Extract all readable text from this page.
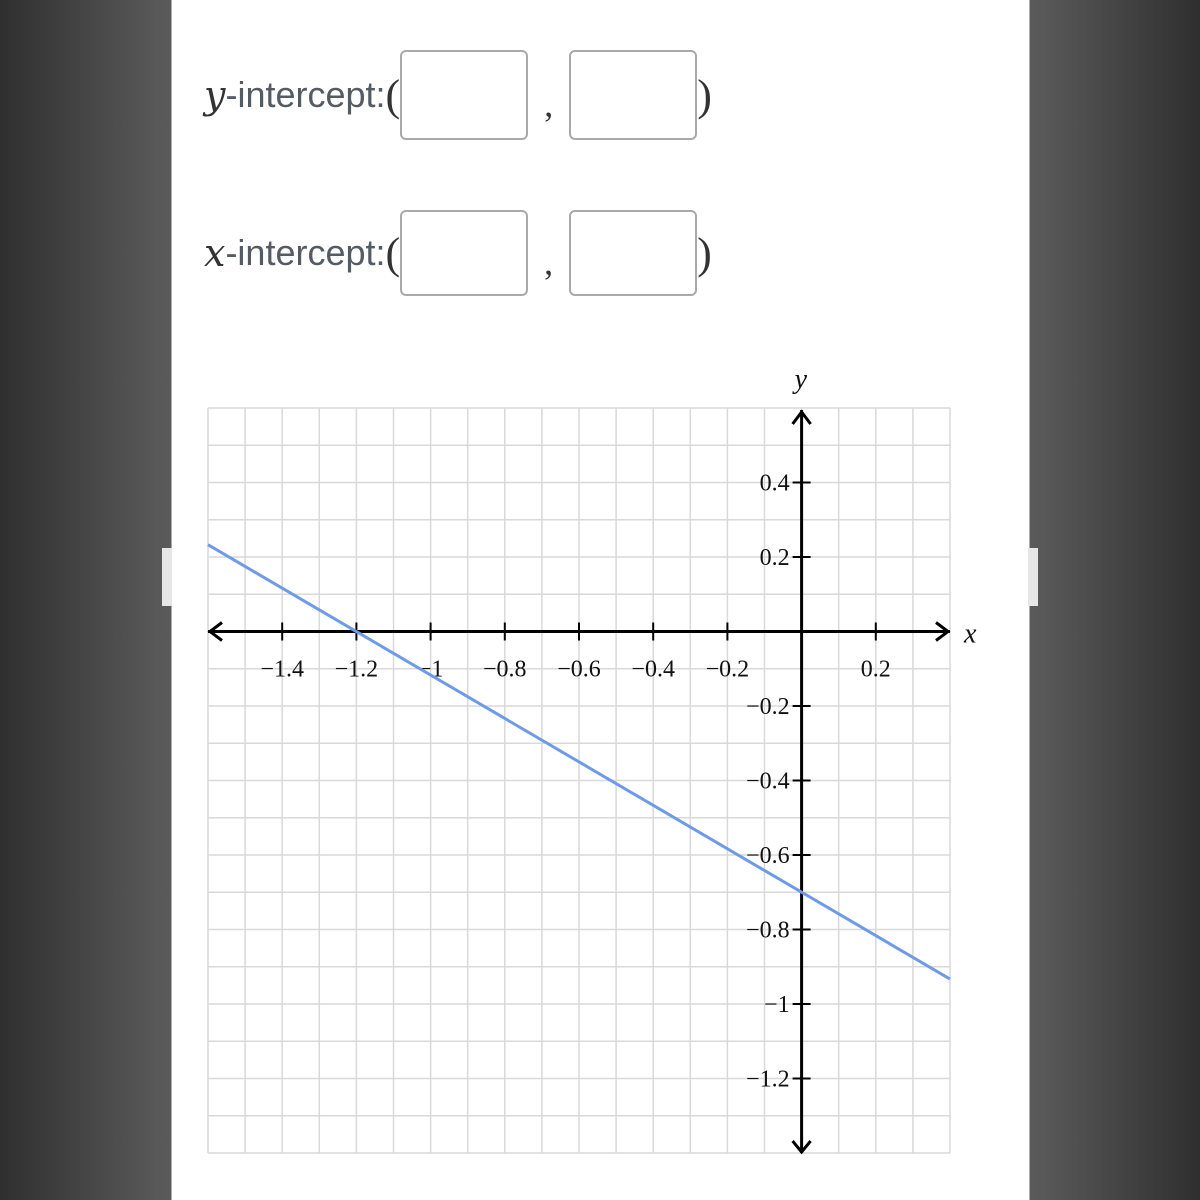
y -intercept: (	,	)
x -intercept: (	,	)
x
y
−1.4 −1.2 −1 −0.8 −0.6 −0.4 −0.2	0.2
0.4
0.2
−0.2
−0.4
−0.6
−0.8
−1
−1.2
